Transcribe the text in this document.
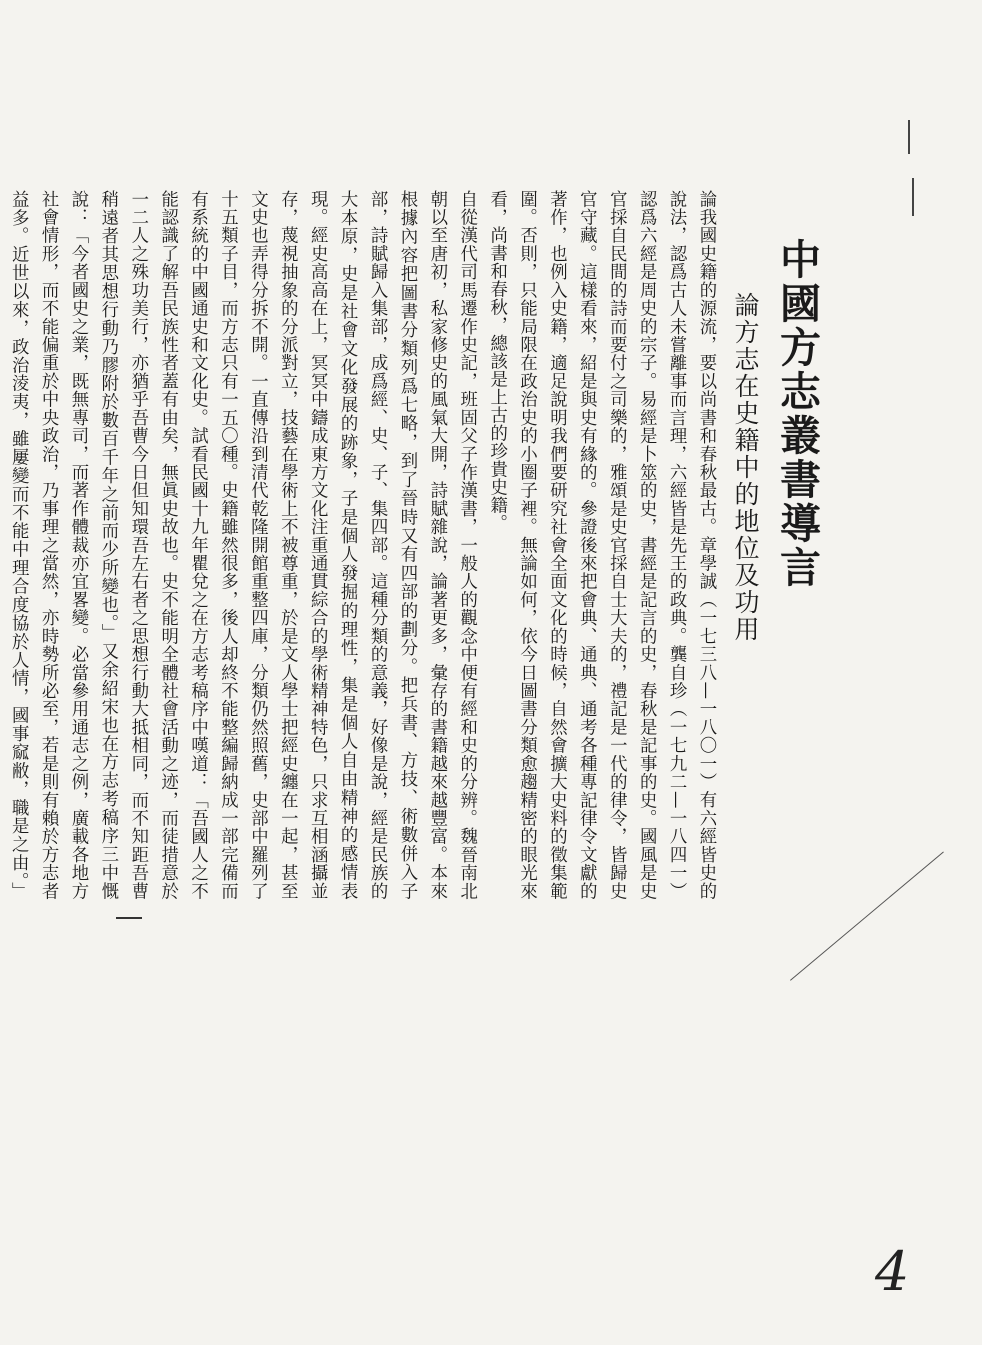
中國方志叢書導言
論方志在史籍中的地位及功用

論我國史籍的源流，要以尚書和春秋最古。章學誠（一七三八—一八〇一）有六經皆史的說法，認爲古人未嘗離事而言理，六經皆是先王的政典。龔自珍（一七九二—一八四一）認爲六經是周史的宗子。易經是卜筮的史，書經是記言的史，春秋是記事的史。國風是史官採自民間的詩而要付之司樂的，雅頌是史官採自士大夫的，禮記是一代的律令，皆歸史官守藏。這樣看來，紹是與史有緣的。參證後來把會典、通典、通考各種專記律令文獻的著作，也例入史籍，適足說明我們要研究社會全面文化的時候，自然會擴大史料的徵集範圍。否則，只能局限在政治史的小圈子裡。無論如何，依今日圖書分類愈趨精密的眼光來看，尚書和春秋，總該是上古的珍貴史籍。

自從漢代司馬遷作史記，班固父子作漢書，一般人的觀念中便有經和史的分辨。魏晉南北朝以至唐初，私家修史的風氣大開，詩賦雜說，論著更多，彙存的書籍越來越豐富。本來根據內容把圖書分類列爲七略，到了晉時又有四部的劃分。把兵書、方技、術數併入子部，詩賦歸入集部，成爲經、史、子、集四部。這種分類的意義，好像是說，經是民族的大本原，史是社會文化發展的跡象，子是個人發掘的理性，集是個人自由精神的感情表現。經史高高在上，冥冥中鑄成東方文化注重通貫綜合的學術精神特色，只求互相涵攝並存，蔑視抽象的分派對立，技藝在學術上不被尊重，於是文人學士把經史纏在一起，甚至文史也弄得分拆不開。一直傳沿到清代乾隆開館重整四庫，分類仍然照舊，史部中羅列了十五類子目，而方志只有一五〇種。史籍雖然很多，後人却終不能整編歸納成一部完備而有系統的中國通史和文化史。試看民國十九年瞿兌之在方志考稿序中嘆道：「吾國人之不能認識了解吾民族性者蓋有由矣，無眞史故也。史不能明全體社會活動之迹，而徒措意於一二人之殊功美行，亦猶乎吾曹今日但知環吾左右者之思想行動大抵相同，而不知距吾曹稍遠者其思想行動乃膠附於數百千年之前而少所變也。」又余紹宋也在方志考稿序三中慨說：「今者國史之業，既無專司，而著作體裁亦宜畧變。必當參用通志之例，廣載各地方社會情形，而不能偏重於中央政治，乃事理之當然，亦時勢所必至，若是則有賴於方志者益多。近世以來，政治淩夷，雖屢變而不能中理合度協於人情，國事窳敝，職是之由。」

4
